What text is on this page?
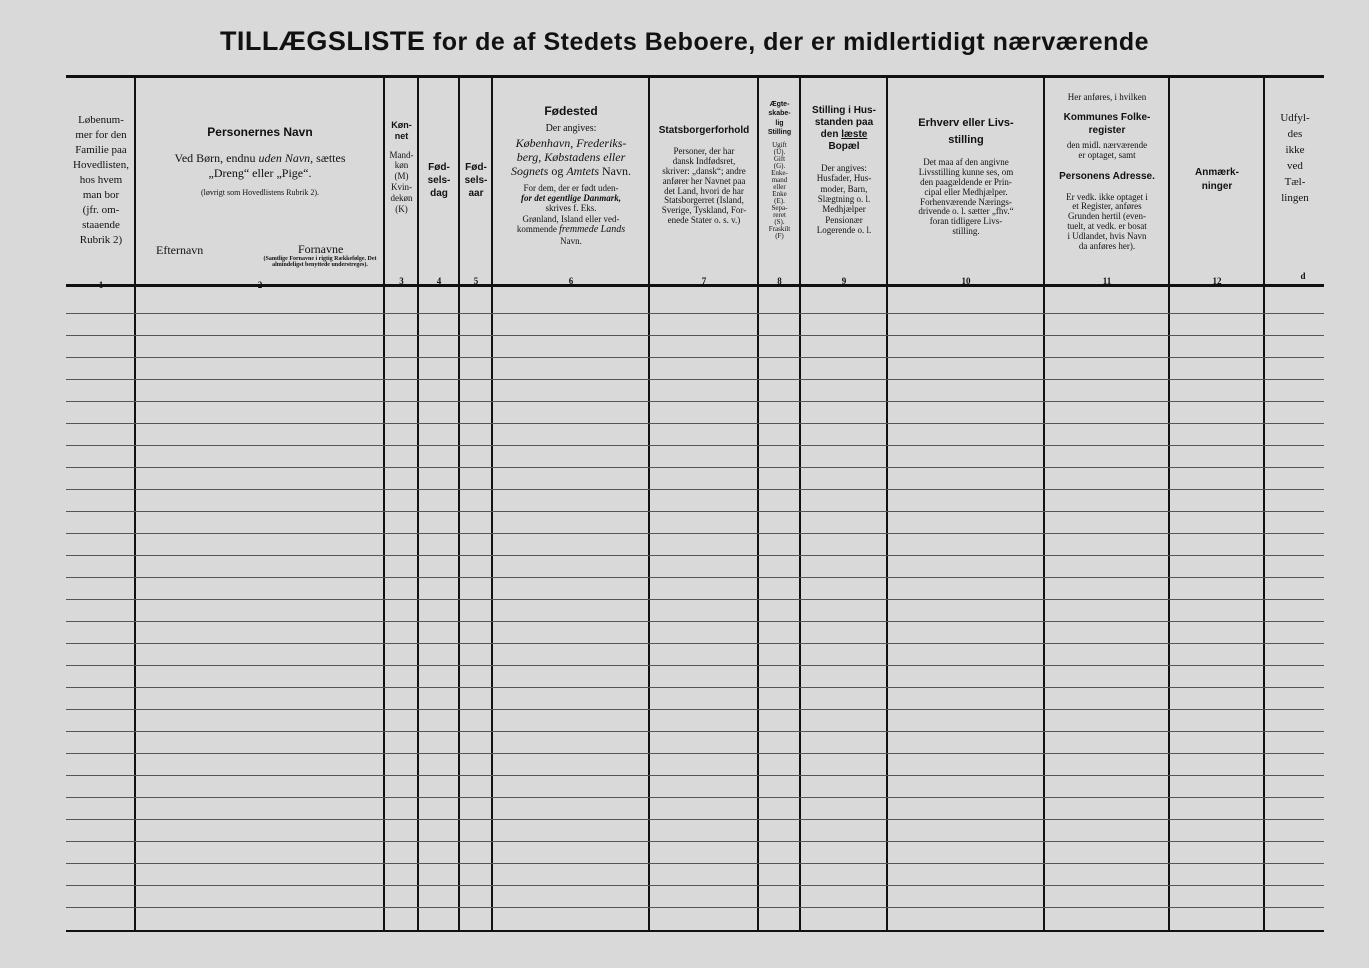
TILLÆGSLISTE for de af Stedets Beboere, der er midlertidigt nærværende
Løbenum-
mer for den
Familie paa
Hovedlisten,
hos hvem
man bor
(jfr. om-
staaende
Rubrik 2)
1
Personernes Navn
Ved Børn, endnu uden Navn, sættes
„Dreng“ eller „Pige“.
(løvrigt som Hovedlistens Rubrik 2).
Efternavn	Fornavne
(Samtlige Fornavne i rigtig Rækkefølge. Det almindeligst benyttede understreges).
2
Køn-
net
Mand-
køn
(M)
Kvin-
dekøn
(K)
3
Fød-
sels-
dag
4
Fød-
sels-
aar
5
Fødested
Der angives:
København, Frederiks-
berg, Købstadens eller
Sognets og Amtets Navn.
For dem, der er født uden-
for det egentlige Danmark,
skrives f. Eks.
Grønland, Island eller ved-
kommende fremmede Lands
Navn.
6
Statsborgerforhold
Personer, der har
dansk Indfødsret,
skriver: „dansk“; andre
anfører her Navnet paa
det Land, hvori de har
Statsborgerret (Island,
Sverige, Tyskland, For-
enede Stater o. s. v.)
7
Ægte-
skabe-
lig
Stilling
Ugift
(U).
Gift
(G).
Enke-
mand
eller
Enke
(E).
Sepa-
reret
(S).
Fraskilt
(F)
8
Stilling i Hus-
standen paa
den læste
Bopæl
Der angives:
Husfader, Hus-
moder, Barn,
Slægtning o. l.
Medhjælper
Pensionær
Logerende o. l.
9
Erhverv eller Livs-
stilling
Det maa af den angivne
Livsstilling kunne ses, om
den paagældende er Prin-
cipal eller Medhjælper.
Forhenværende Nærings-
drivende o. l. sætter „fhv.“
foran tidligere Livs-
stilling.
10
Her anføres, i hvilken
Kommunes Folke-
register
den midl. nærværende
er optaget, samt
Personens Adresse.
Er vedk. ikke optaget i
et Register, anføres
Grunden hertil (even-
tuelt, at vedk. er bosat
i Udlandet, hvis Navn
da anføres her).
11
Anmærk-
ninger
12
Udfyl-
des
ikke
ved
Tæl-
lingen
d
